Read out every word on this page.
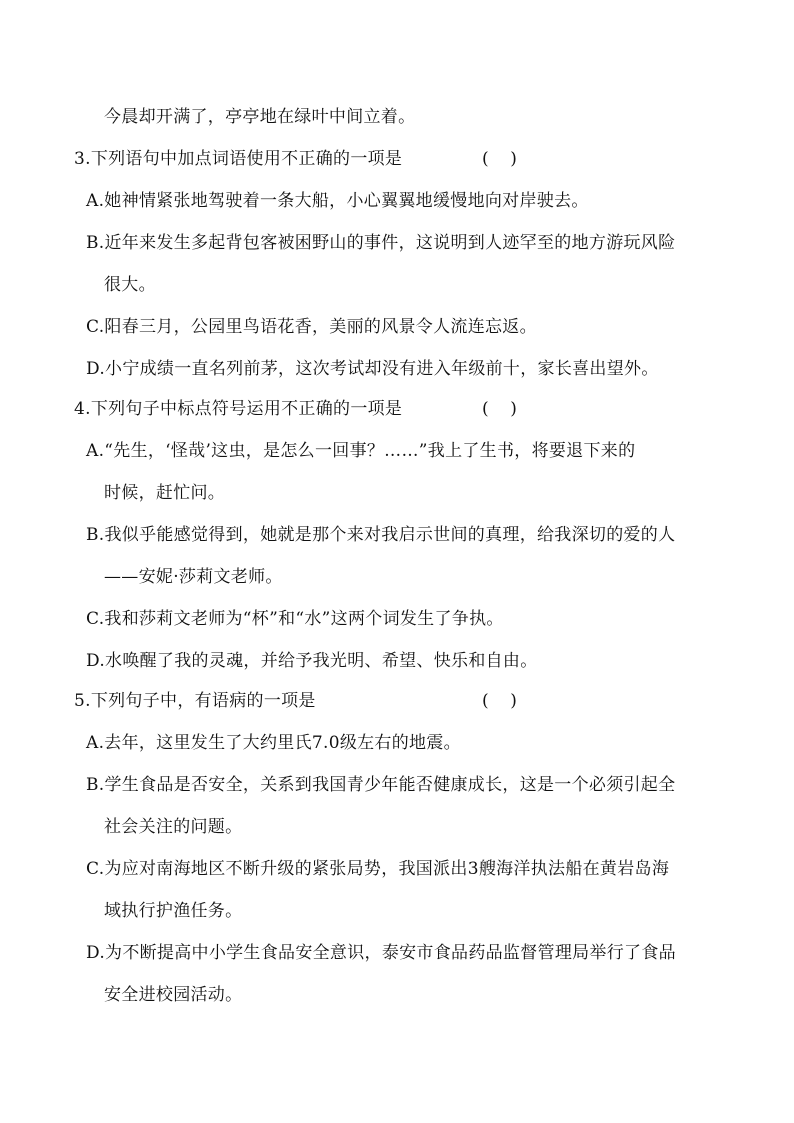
今晨却开满了，亭亭地在绿叶中间立着。
3.下列语句中加点词语使用不正确的一项是	(    )
A.她神情紧张地驾驶着一条大船，小心翼翼地缓慢地向对岸驶去。
B.近年来发生多起背包客被困野山的事件，这说明到人迹罕至的地方游玩风险
很大。
C.阳春三月，公园里鸟语花香，美丽的风景令人流连忘返。
D.小宁成绩一直名列前茅，这次考试却没有进入年级前十，家长喜出望外。
4.下列句子中标点符号运用不正确的一项是	(    )
A.“先生，‘怪哉’这虫，是怎么一回事？……”我上了生书，将要退下来的
时候，赶忙问。
B.我似乎能感觉得到，她就是那个来对我启示世间的真理，给我深切的爱的人
——安妮·莎莉文老师。
C.我和莎莉文老师为“杯”和“水”这两个词发生了争执。
D.水唤醒了我的灵魂，并给予我光明、希望、快乐和自由。
5.下列句子中，有语病的一项是	(    )
A.去年，这里发生了大约里氏7.0级左右的地震。
B.学生食品是否安全，关系到我国青少年能否健康成长，这是一个必须引起全
社会关注的问题。
C.为应对南海地区不断升级的紧张局势，我国派出3艘海洋执法船在黄岩岛海
域执行护渔任务。
D.为不断提高中小学生食品安全意识，泰安市食品药品监督管理局举行了食品
安全进校园活动。
